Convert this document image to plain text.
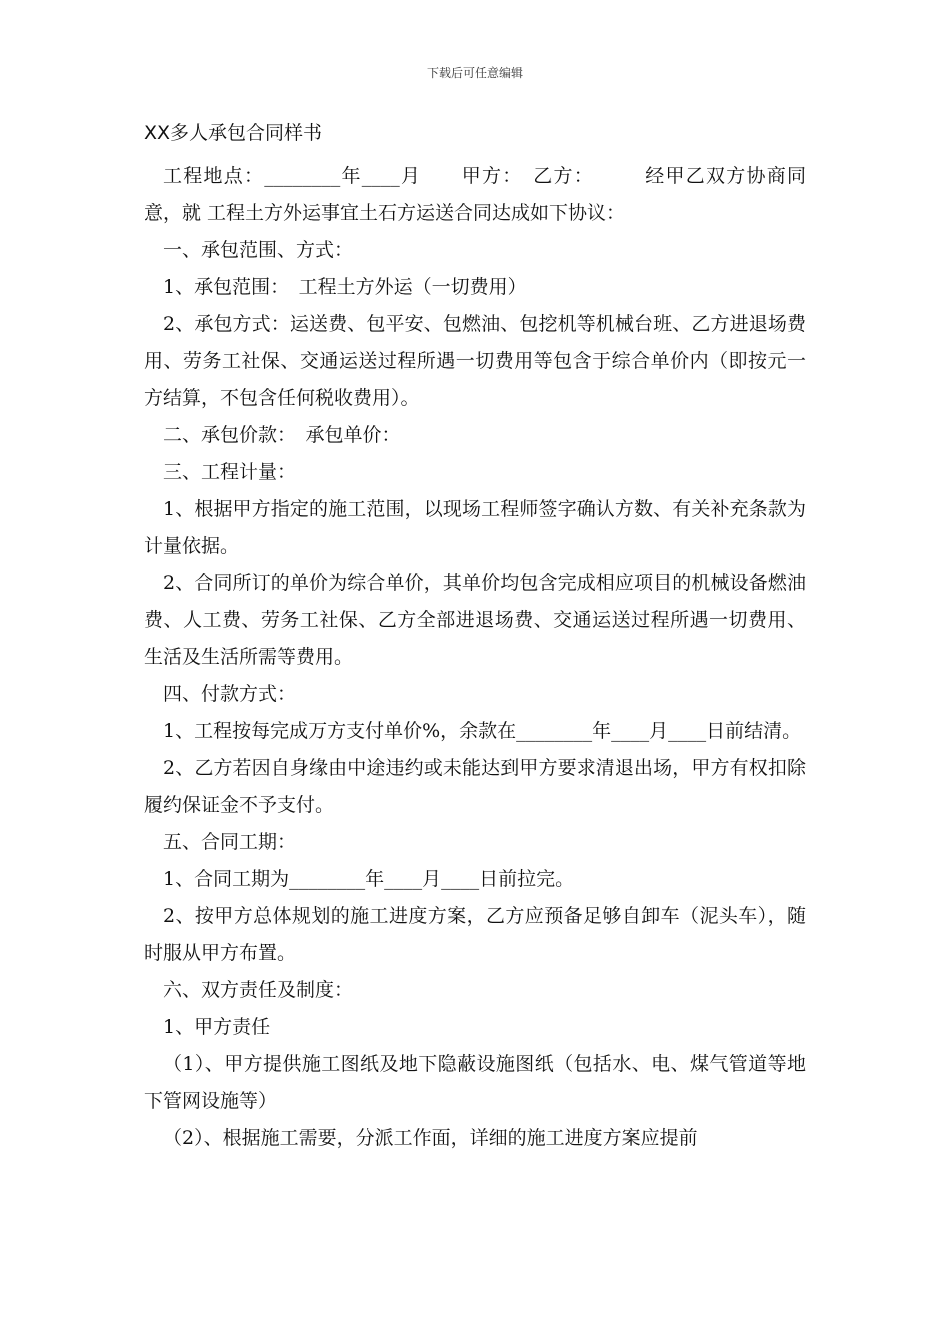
下载后可任意编辑
XX多人承包合同样书

工程地点：________年____月　　甲方：　乙方：　　　经甲乙双方协商同意，就 工程土方外运事宜土石方运送合同达成如下协议：

一、承包范围、方式：

1、承包范围：　工程土方外运（一切费用）

2、承包方式：运送费、包平安、包燃油、包挖机等机械台班、乙方进退场费用、劳务工社保、交通运送过程所遇一切费用等包含于综合单价内（即按元一方结算，不包含任何税收费用）。

二、承包价款：　承包单价：

三、工程计量：

1、根据甲方指定的施工范围，以现场工程师签字确认方数、有关补充条款为计量依据。

2、合同所订的单价为综合单价，其单价均包含完成相应项目的机械设备燃油费、人工费、劳务工社保、乙方全部进退场费、交通运送过程所遇一切费用、生活及生活所需等费用。

四、付款方式：

1、工程按每完成万方支付单价%，余款在________年____月____日前结清。

2、乙方若因自身缘由中途违约或未能达到甲方要求清退出场，甲方有权扣除履约保证金不予支付。

五、合同工期：

1、合同工期为________年____月____日前拉完。

2、按甲方总体规划的施工进度方案，乙方应预备足够自卸车（泥头车），随时服从甲方布置。

六、双方责任及制度：

1、甲方责任

（1）、甲方提供施工图纸及地下隐蔽设施图纸（包括水、电、煤气管道等地下管网设施等）

（2）、根据施工需要，分派工作面，详细的施工进度方案应提前
